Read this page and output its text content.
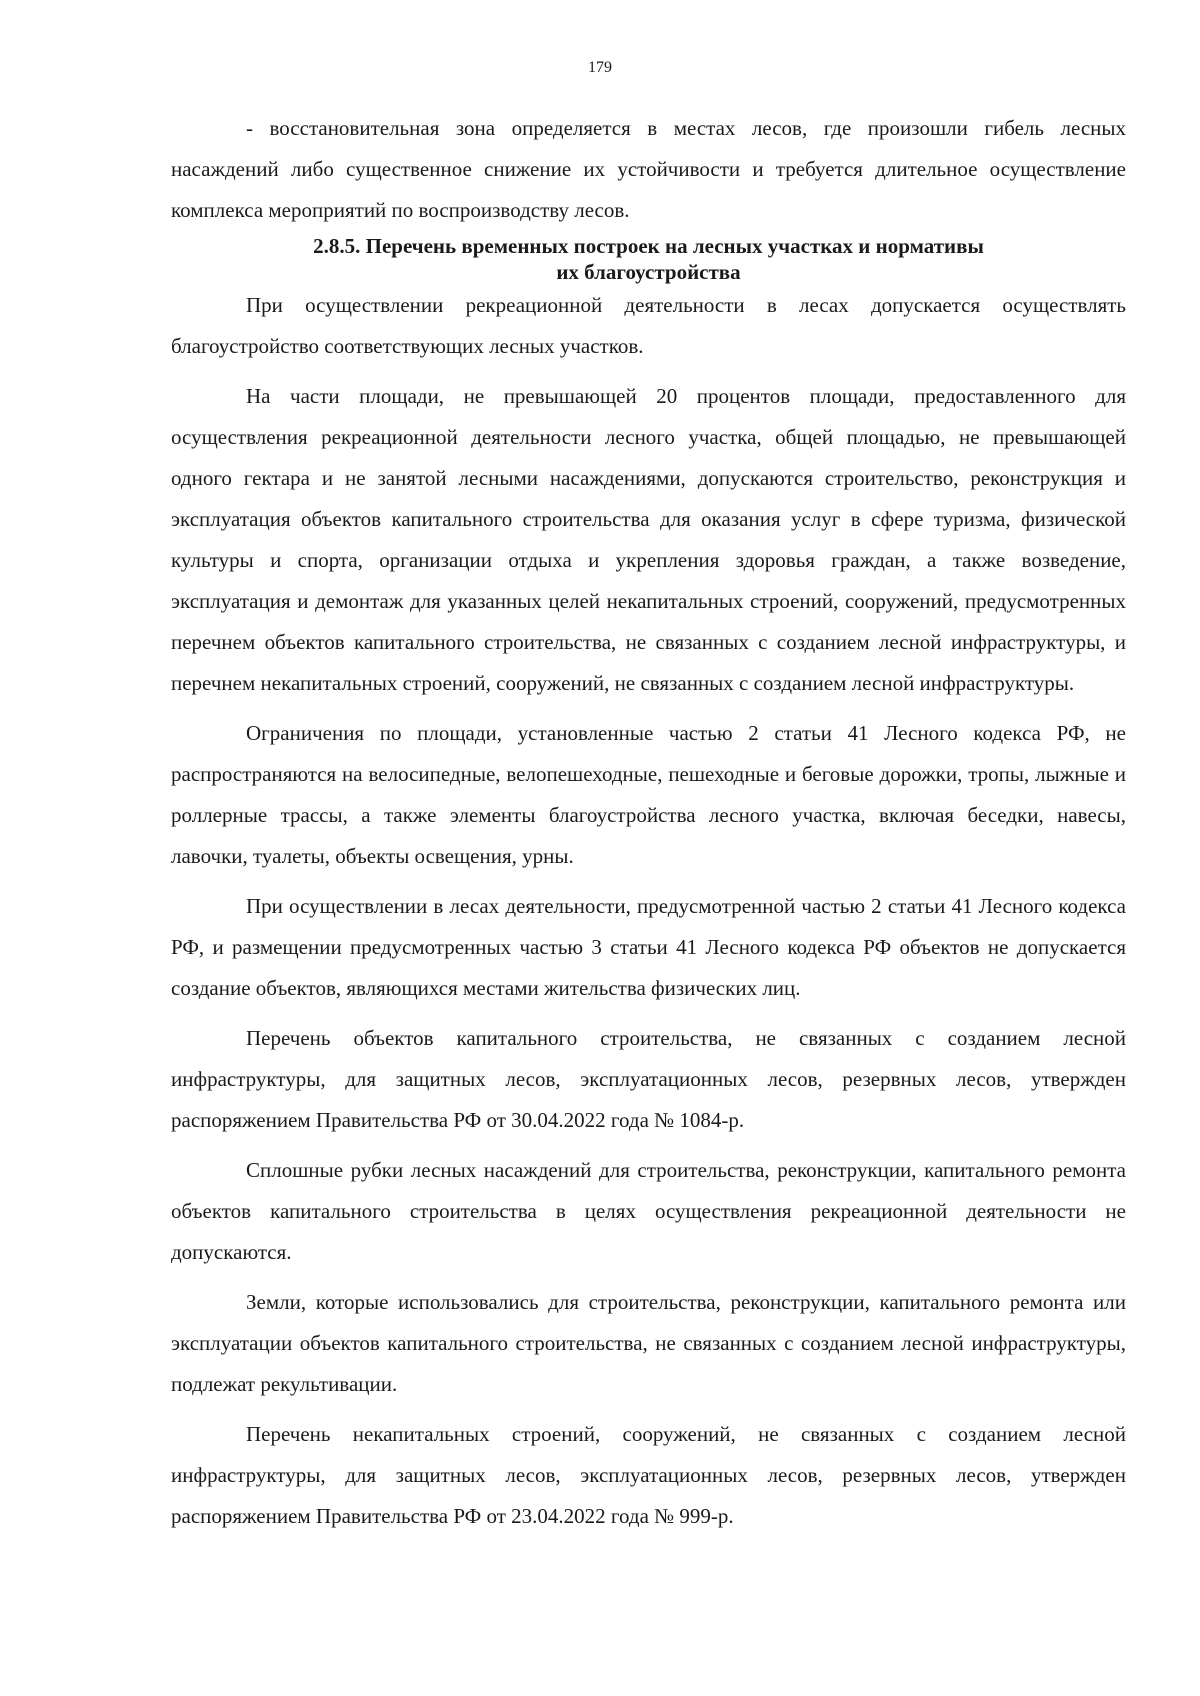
179

- восстановительная зона определяется в местах лесов, где произошли гибель лесных насаждений либо существенное снижение их устойчивости и требуется длительное осуществление комплекса мероприятий по воспроизводству лесов.

2.8.5. Перечень временных построек на лесных участках и нормативы
их благоустройства

При осуществлении рекреационной деятельности в лесах допускается осуществлять благоустройство соответствующих лесных участков.

На части площади, не превышающей 20 процентов площади, предоставленного для осуществления рекреационной деятельности лесного участка, общей площадью, не превышающей одного гектара и не занятой лесными насаждениями, допускаются строительство, реконструкция и эксплуатация объектов капитального строительства для оказания услуг в сфере туризма, физической культуры и спорта, организации отдыха и укрепления здоровья граждан, а также возведение, эксплуатация и демонтаж для указанных целей некапитальных строений, сооружений, предусмотренных перечнем объектов капитального строительства, не связанных с созданием лесной инфраструктуры, и перечнем некапитальных строений, сооружений, не связанных с созданием лесной инфраструктуры.

Ограничения по площади, установленные частью 2 статьи 41 Лесного кодекса РФ, не распространяются на велосипедные, велопешеходные, пешеходные и беговые дорожки, тропы, лыжные и роллерные трассы, а также элементы благоустройства лесного участка, включая беседки, навесы, лавочки, туалеты, объекты освещения, урны.

При осуществлении в лесах деятельности, предусмотренной частью 2 статьи 41 Лесного кодекса РФ, и размещении предусмотренных частью 3 статьи 41 Лесного кодекса РФ объектов не допускается создание объектов, являющихся местами жительства физических лиц.

Перечень объектов капитального строительства, не связанных с созданием лесной инфраструктуры, для защитных лесов, эксплуатационных лесов, резервных лесов, утвержден распоряжением Правительства РФ от 30.04.2022 года № 1084-р.

Сплошные рубки лесных насаждений для строительства, реконструкции, капитального ремонта объектов капитального строительства в целях осуществления рекреационной деятельности не допускаются.

Земли, которые использовались для строительства, реконструкции, капитального ремонта или эксплуатации объектов капитального строительства, не связанных с созданием лесной инфраструктуры, подлежат рекультивации.

Перечень некапитальных строений, сооружений, не связанных с созданием лесной инфраструктуры, для защитных лесов, эксплуатационных лесов, резервных лесов, утвержден распоряжением Правительства РФ от 23.04.2022 года № 999-р.
